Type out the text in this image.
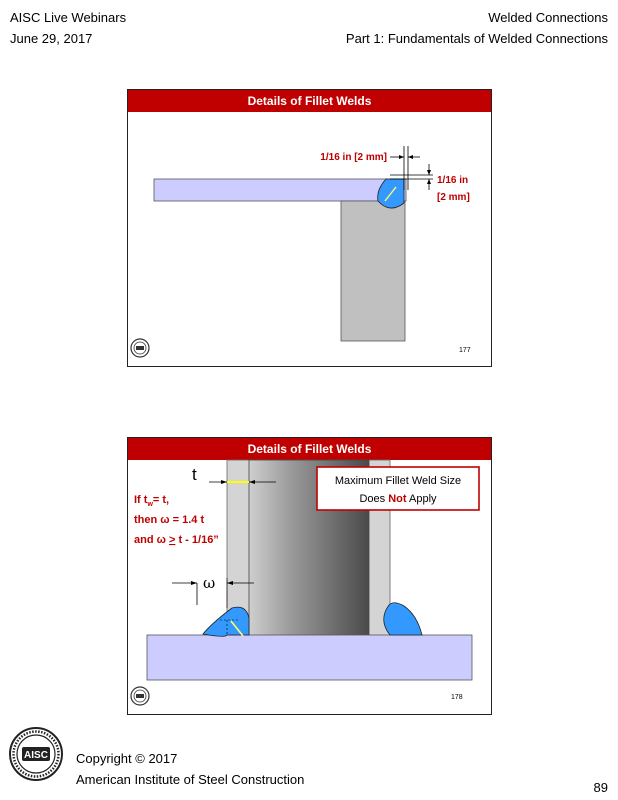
AISC Live Webinars
June 29, 2017
Welded Connections
Part 1: Fundamentals of Welded Connections
Details of Fillet Welds
1/16 in [2 mm]
1/16 in
[2 mm]
177
Details of Fillet Welds
t
ω
If $t_w= t$,
then ω = 1.4 t
and ω > t - 1/16”
Maximum Fillet Weld Size
Does Not Apply
178
AISC Copyright © 2017
American Institute of Steel Construction
89
